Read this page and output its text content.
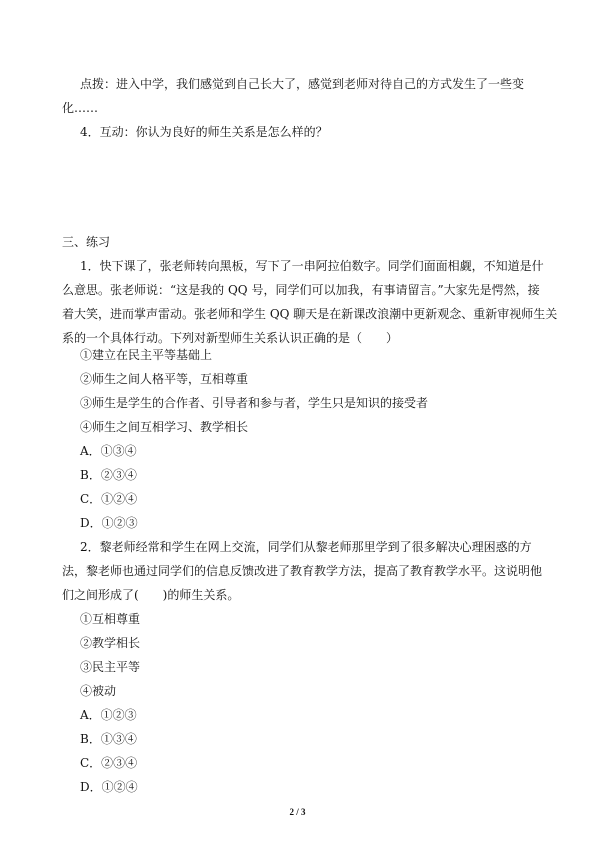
点拨：进入中学，我们感觉到自己长大了，感觉到老师对待自己的方式发生了一些变
化……
4．互动：你认为良好的师生关系是怎么样的？
三、练习
1．快下课了，张老师转向黑板，写下了一串阿拉伯数字。同学们面面相觑，不知道是什
么意思。张老师说：“这是我的 QQ 号，同学们可以加我，有事请留言。”大家先是愕然，接
着大笑，进而掌声雷动。张老师和学生 QQ 聊天是在新课改浪潮中更新观念、重新审视师生关
系的一个具体行动。下列对新型师生关系认识正确的是（　　）
①建立在民主平等基础上
②师生之间人格平等，互相尊重
③师生是学生的合作者、引导者和参与者，学生只是知识的接受者
④师生之间互相学习、教学相长
A．①③④
B．②③④
C．①②④
D．①②③
2．黎老师经常和学生在网上交流，同学们从黎老师那里学到了很多解决心理困惑的方
法，黎老师也通过同学们的信息反馈改进了教育教学方法，提高了教育教学水平。这说明他
们之间形成了(　　)的师生关系。
①互相尊重
②教学相长
③民主平等
④被动
A．①②③
B．①③④
C．②③④
D．①②④
2 / 3
